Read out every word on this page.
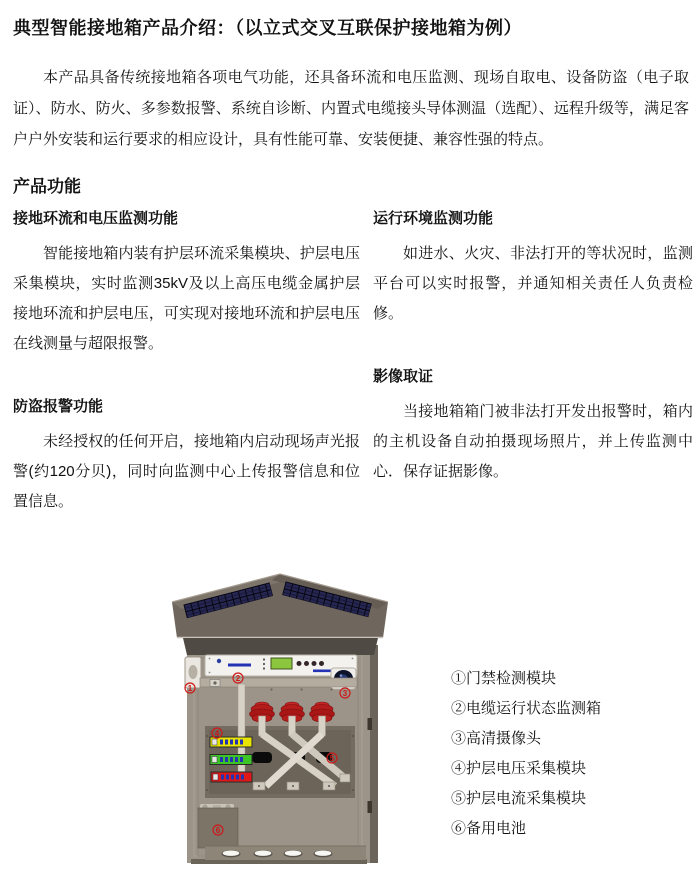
典型智能接地箱产品介绍：（以立式交叉互联保护接地箱为例）

本产品具备传统接地箱各项电气功能，还具备环流和电压监测、现场自取电、设备防盗（电子取证）、防水、防火、多参数报警、系统自诊断、内置式电缆接头导体测温（选配）、远程升级等，满足客户户外安装和运行要求的相应设计，具有性能可靠、安装便捷、兼容性强的特点。

产品功能
接地环流和电压监测功能

智能接地箱内装有护层环流采集模块、护层电压采集模块，实时监测35kV及以上高压电缆金属护层接地环流和护层电压，可实现对接地环流和护层电压在线测量与超限报警。

防盗报警功能

未经授权的任何开启，接地箱内启动现场声光报警(约120分贝)，同时向监测中心上传报警信息和位置信息。

运行环境监测功能

如进水、火灾、非法打开的等状况时，监测平台可以实时报警，并通知相关责任人负责检修。

影像取证

当接地箱箱门被非法打开发出报警时，箱内的主机设备自动拍摄现场照片，并上传监测中心．保存证据影像。

1
2
3
4
5
6
①门禁检测模块
②电缆运行状态监测箱
③高清摄像头
④护层电压采集模块
⑤护层电流采集模块
⑥备用电池
